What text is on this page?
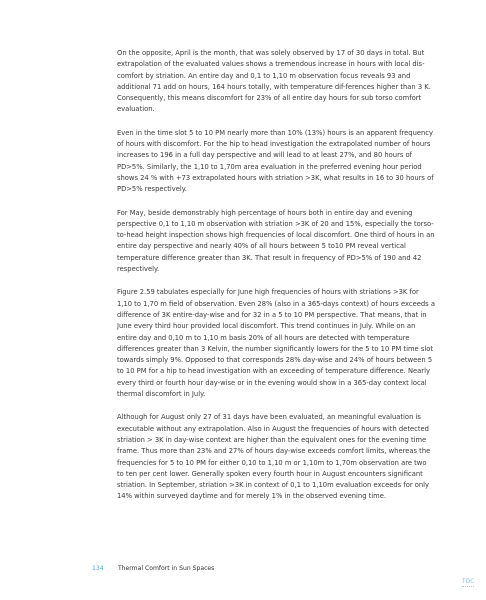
On the opposite, April is the month, that was solely observed by 17 of 30 days in total. But extrapolation of the evaluated values shows a tremendous increase in hours with local dis-comfort by striation. An entire day and 0,1 to 1,10 m observation focus reveals 93 and additional 71 add on hours, 164 hours totally, with temperature dif-ferences higher than 3 K. Consequently, this means discomfort for 23% of all entire day hours for sub torso comfort evaluation.

Even in the time slot 5 to 10 PM nearly more than 10% (13%) hours is an apparent frequency of hours with discomfort. For the hip to head investigation the extrapolated number of hours increases to 196 in a full day perspective and will lead to at least 27%, and 80 hours of PD>5%. Similarly, the 1,10 to 1,70m area evaluation in the preferred evening hour period shows 24 % with +73 extrapolated hours with striation >3K, what results in 16 to 30 hours of PD>5% respectively.

For May, beside demonstrably high percentage of hours both in entire day and evening perspective 0,1 to 1,10 m observation with striation >3K of 20 and 15%, especially the torso-to-head height inspection shows high frequencies of local discomfort. One third of hours in an entire day perspective and nearly 40% of all hours between 5 to10 PM reveal vertical temperature difference greater than 3K. That result in frequency of PD>5% of 190 and 42 respectively.

Figure 2.59 tabulates especially for June high frequencies of hours with striations >3K for 1,10 to 1,70 m field of observation. Even 28% (also in a 365-days context) of hours exceeds a difference of 3K entire-day-wise and for 32 in a 5 to 10 PM perspective. That means, that in June every third hour provided local discomfort. This trend continues in July. While on an entire day and 0,10 m to 1,10 m basis 20% of all hours are detected with temperature differences greater than 3 Kelvin, the number significantly lowers for the 5 to 10 PM time slot towards simply 9%. Opposed to that corresponds 28% day-wise and 24% of hours between 5 to 10 PM for a hip to head investigation with an exceeding of temperature difference. Nearly every third or fourth hour day-wise or in the evening would show in a 365-day context local thermal discomfort in July.

Although for August only 27 of 31 days have been evaluated, an meaningful evaluation is executable without any extrapolation. Also in August the frequencies of hours with detected striation > 3K in day-wise context are higher than the equivalent ones for the evening time frame. Thus more than 23% and 27% of hours day-wise exceeds comfort limits, whereas the frequencies for 5 to 10 PM for either 0,10 to 1,10 m or 1,10m to 1,70m observation are two to ten per cent lower. Generally spoken every fourth hour in August encounters significant striation. In September, striation >3K in context of 0,1 to 1,10m evaluation exceeds for only 14% within surveyed daytime and for merely 1% in the observed evening time.

134 Thermal Comfort in Sun Spaces
TOC
